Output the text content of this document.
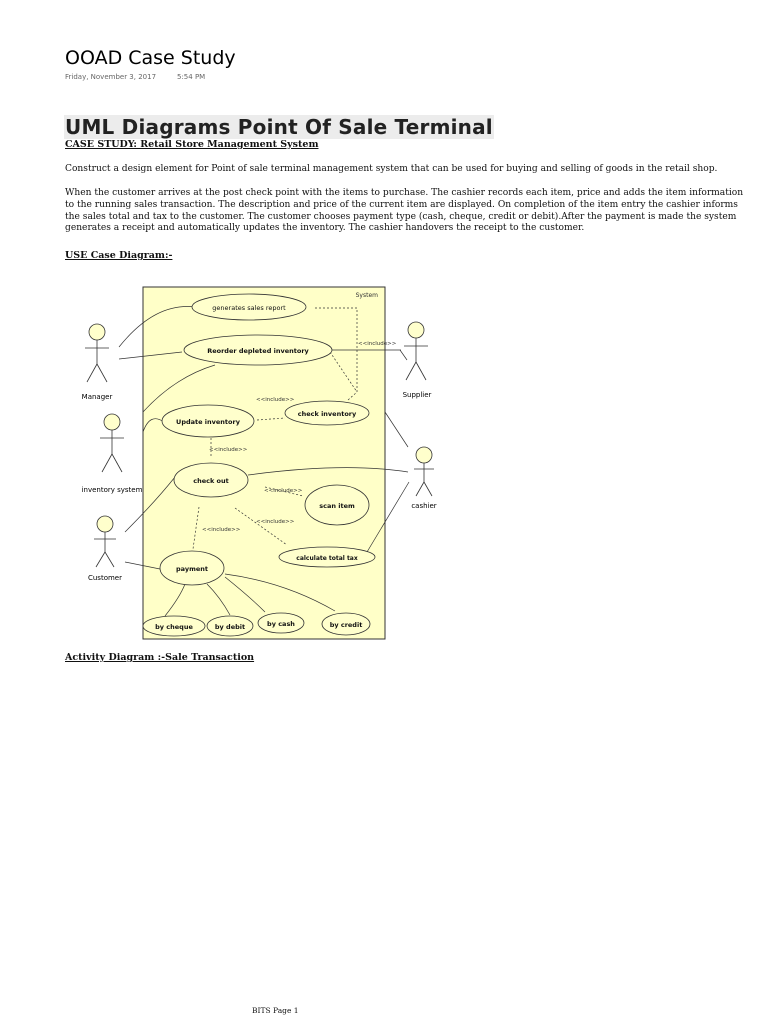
OOAD Case Study
Friday, November 3, 2017	5:54 PM
UML Diagrams Point Of Sale Terminal
CASE STUDY: Retail Store Management System
Construct a design element for Point of sale terminal management system that can be used for buying and selling of goods in the retail shop.
When the customer arrives at the post check point with the items to purchase. The cashier records each item, price and adds the item information to the running sales transaction. The description and price of the current item are displayed. On completion of the item entry the cashier informs the sales total and tax to the customer. The customer chooses payment type (cash, cheque, credit or debit).After the payment is made the system generates a receipt and automatically updates the inventory. The cashier handovers the receipt to the customer.
USE Case Diagram:-
System
Manager	Supplier
inventory system
cashier
Customer
<<include>>
<<include>>
<<include>>
<<include>>
<<include>>
<<include>>
generates sales report
Reorder depleted inventory
Update inventory
check inventory
check out
scan item
calculate total tax
payment
by cheque	by debit	by cash	by credit
Activity Diagram :-Sale Transaction
BITS Page 1
